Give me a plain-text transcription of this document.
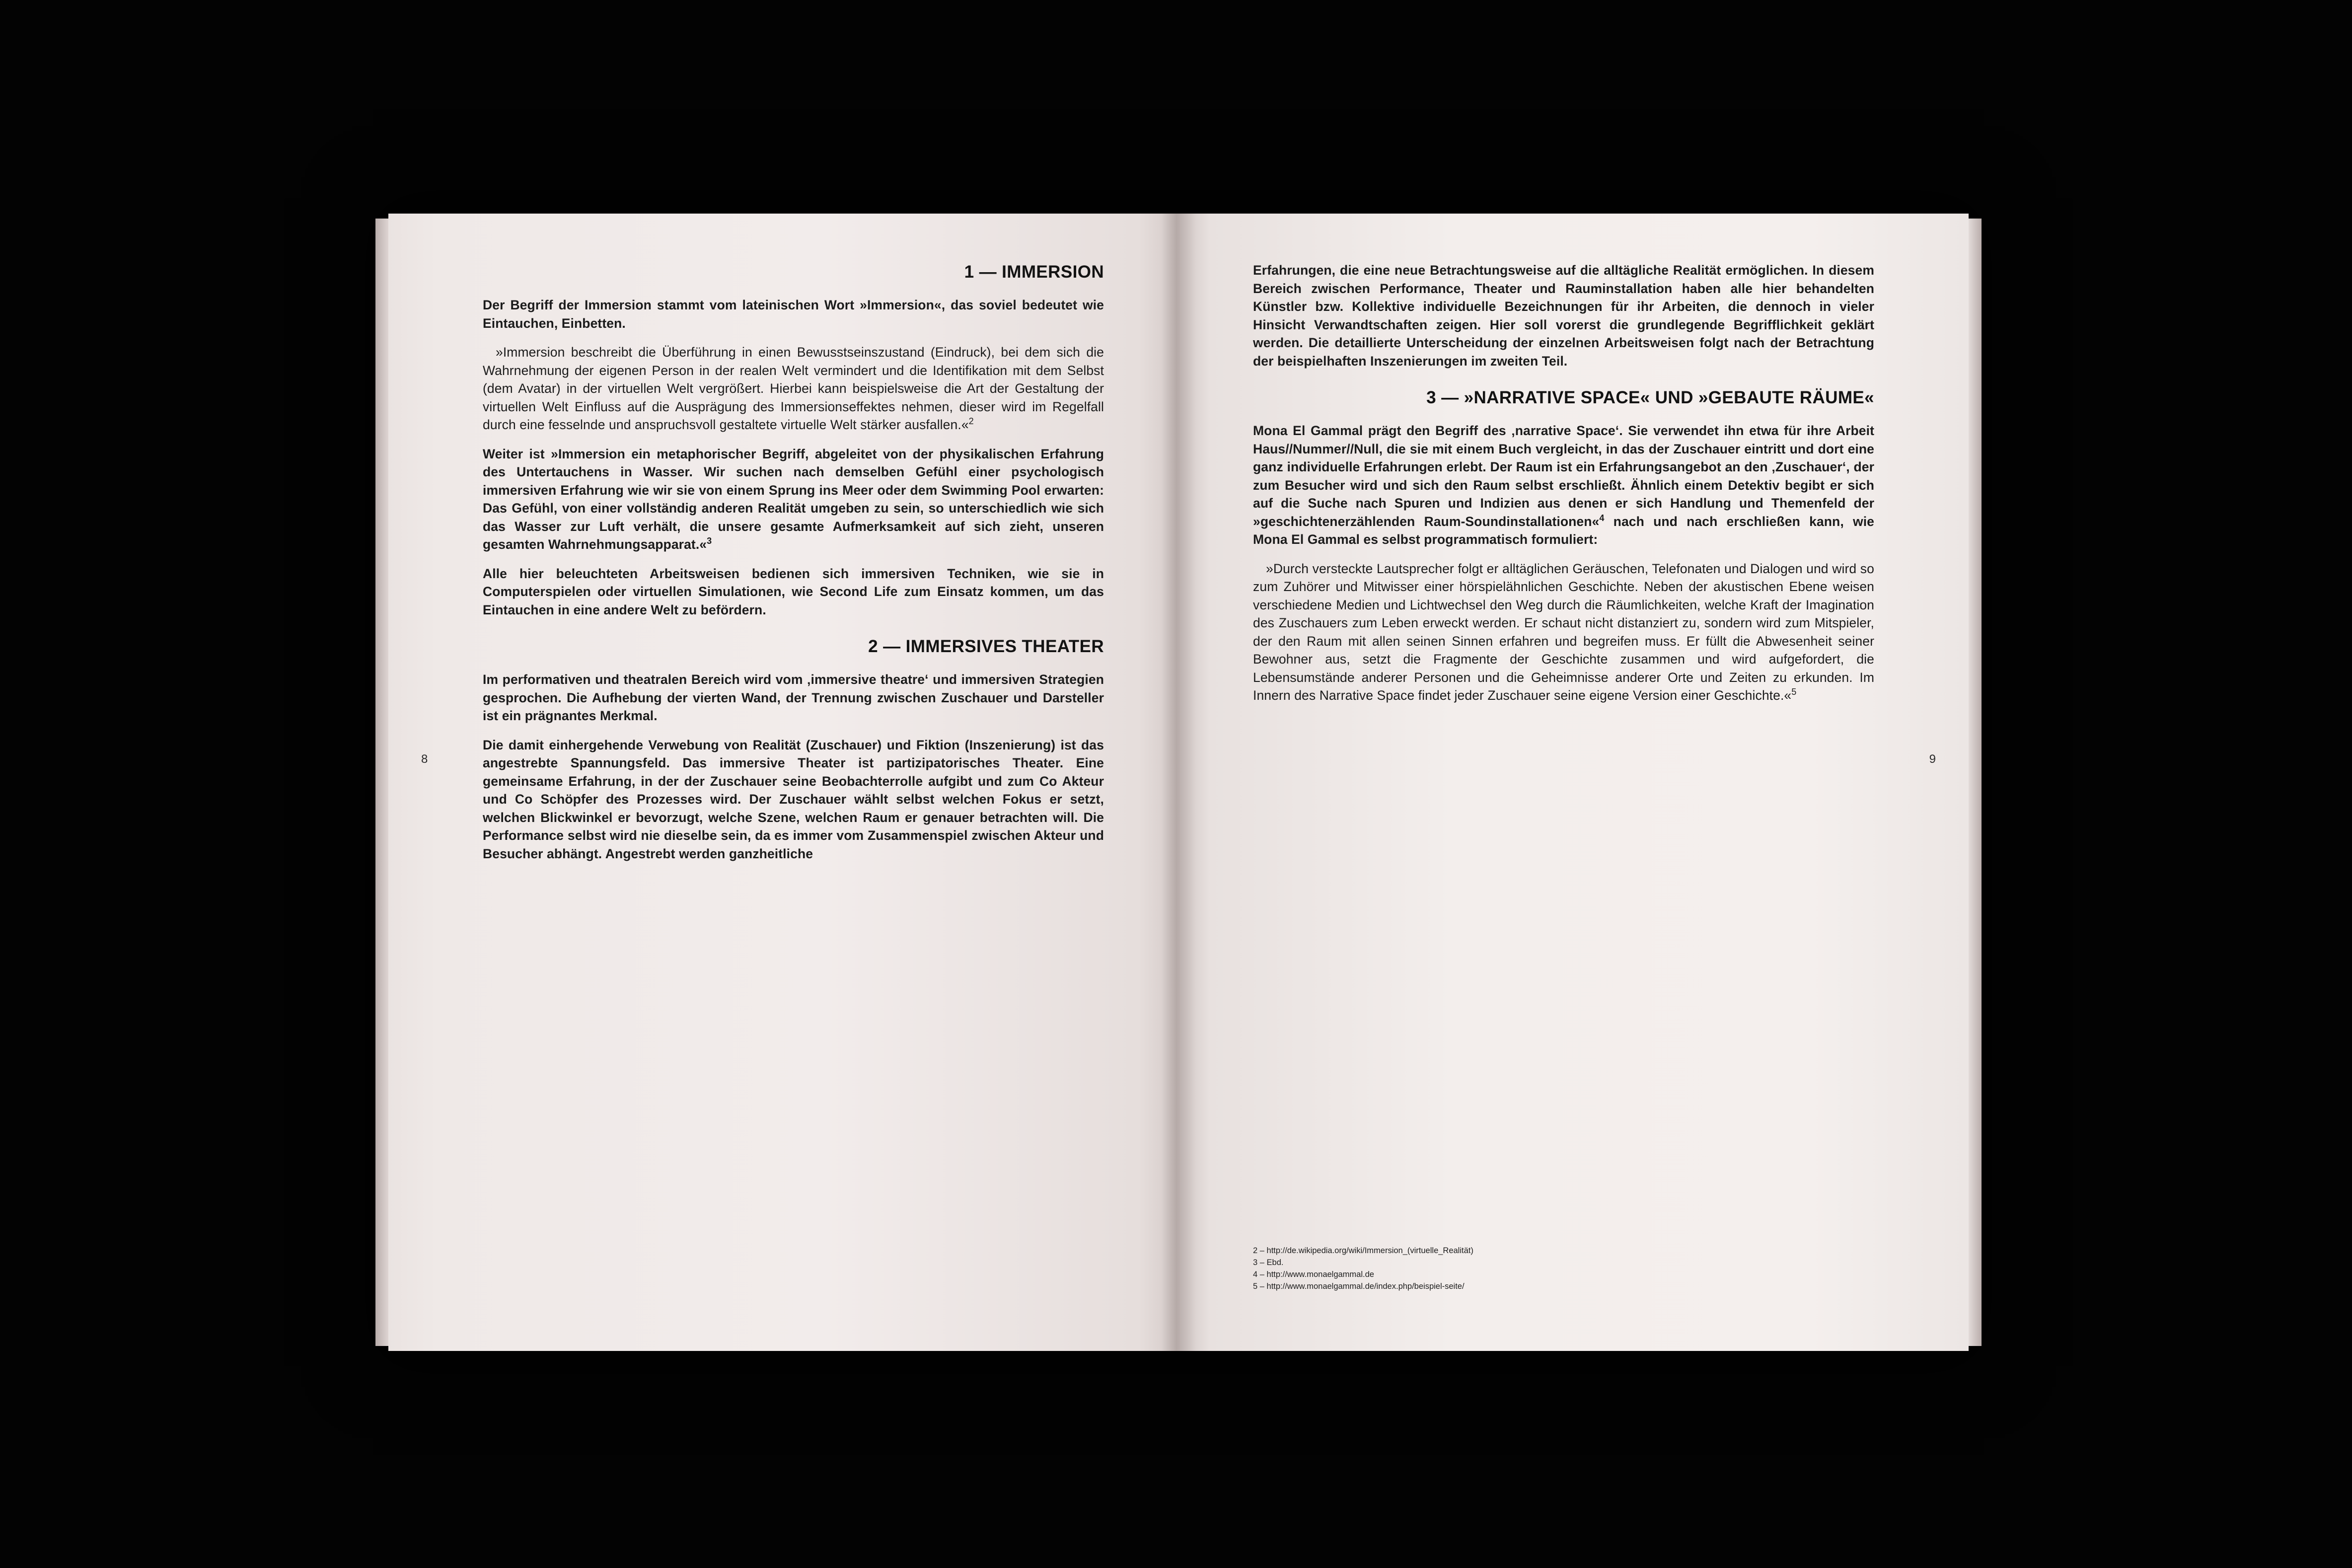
8
1 — IMMERSION

Der Begriff der Immersion stammt vom lateinischen Wort »Immersion«, das soviel bedeutet wie Eintauchen, Einbetten.

»Immersion beschreibt die Überführung in einen Bewusstseinszustand (Eindruck), bei dem sich die Wahrnehmung der eigenen Person in der realen Welt vermindert und die Identifikation mit dem Selbst (dem Avatar) in der virtuellen Welt vergrößert. Hierbei kann beispielsweise die Art der Gestaltung der virtuellen Welt Einfluss auf die Ausprägung des Immersionseffektes nehmen, dieser wird im Regelfall durch eine fesselnde und anspruchsvoll gestaltete virtuelle Welt stärker ausfallen.«$^2$

Weiter ist »Immersion ein metaphorischer Begriff, abgeleitet von der physikalischen Erfahrung des Untertauchens in Wasser. Wir suchen nach demselben Gefühl einer psychologisch immersiven Erfahrung wie wir sie von einem Sprung ins Meer oder dem Swimming Pool erwarten: Das Gefühl, von einer vollständig anderen Realität umgeben zu sein, so unterschiedlich wie sich das Wasser zur Luft verhält, die unsere gesamte Aufmerksamkeit auf sich zieht, unseren gesamten Wahrnehmungsapparat.«$^3$

Alle hier beleuchteten Arbeitsweisen bedienen sich immersiven Techniken, wie sie in Computerspielen oder virtuellen Simulationen, wie Second Life zum Einsatz kommen, um das Eintauchen in eine andere Welt zu befördern.

2 — IMMERSIVES THEATER

Im performativen und theatralen Bereich wird vom ‚immersive theatre‘ und immersiven Strategien gesprochen. Die Aufhebung der vierten Wand, der Trennung zwischen Zuschauer und Darsteller ist ein prägnantes Merkmal.

Die damit einhergehende Verwebung von Realität (Zuschauer) und Fiktion (Inszenierung) ist das angestrebte Spannungsfeld. Das immersive Theater ist partizipatorisches Theater. Eine gemeinsame Erfahrung, in der der Zuschauer seine Beobachterrolle aufgibt und zum Co Akteur und Co Schöpfer des Prozesses wird. Der Zuschauer wählt selbst welchen Fokus er setzt, welchen Blickwinkel er bevorzugt, welche Szene, welchen Raum er genauer betrachten will. Die Performance selbst wird nie dieselbe sein, da es immer vom Zusammenspiel zwischen Akteur und Besucher abhängt. Angestrebt werden ganzheitliche

9

Erfahrungen, die eine neue Betrachtungsweise auf die alltägliche Realität ermöglichen. In diesem Bereich zwischen Performance, Theater und Rauminstallation haben alle hier behandelten Künstler bzw. Kollektive individuelle Bezeichnungen für ihr Arbeiten, die dennoch in vieler Hinsicht Verwandtschaften zeigen. Hier soll vorerst die grundlegende Begrifflichkeit geklärt werden. Die detaillierte Unterscheidung der einzelnen Arbeitsweisen folgt nach der Betrachtung der beispielhaften Inszenierungen im zweiten Teil.

3 — »NARRATIVE SPACE« UND »GEBAUTE RÄUME«

Mona El Gammal prägt den Begriff des ‚narrative Space‘. Sie verwendet ihn etwa für ihre Arbeit Haus//Nummer//Null, die sie mit einem Buch vergleicht, in das der Zuschauer eintritt und dort eine ganz individuelle Erfahrungen erlebt. Der Raum ist ein Erfahrungsangebot an den ‚Zuschauer‘, der zum Besucher wird und sich den Raum selbst erschließt. Ähnlich einem Detektiv begibt er sich auf die Suche nach Spuren und Indizien aus denen er sich Handlung und Themenfeld der »geschichtenerzählenden Raum-Soundinstallationen«$^4$ nach und nach erschließen kann, wie Mona El Gammal es selbst programmatisch formuliert:

»Durch versteckte Lautsprecher folgt er alltäglichen Geräuschen, Telefonaten und Dialogen und wird so zum Zuhörer und Mitwisser einer hörspielähnlichen Geschichte. Neben der akustischen Ebene weisen verschiedene Medien und Lichtwechsel den Weg durch die Räumlichkeiten, welche Kraft der Imagination des Zuschauers zum Leben erweckt werden. Er schaut nicht distanziert zu, sondern wird zum Mitspieler, der den Raum mit allen seinen Sinnen erfahren und begreifen muss. Er füllt die Abwesenheit seiner Bewohner aus, setzt die Fragmente der Geschichte zusammen und wird aufgefordert, die Lebensumstände anderer Personen und die Geheimnisse anderer Orte und Zeiten zu erkunden. Im Innern des Narrative Space findet jeder Zuschauer seine eigene Version einer Geschichte.«$^5$

2 – http://de.wikipedia.org/wiki/Immersion_(virtuelle_Realität)
3 – Ebd.
4 – http://www.monaelgammal.de
5 – http://www.monaelgammal.de/index.php/beispiel-seite/
